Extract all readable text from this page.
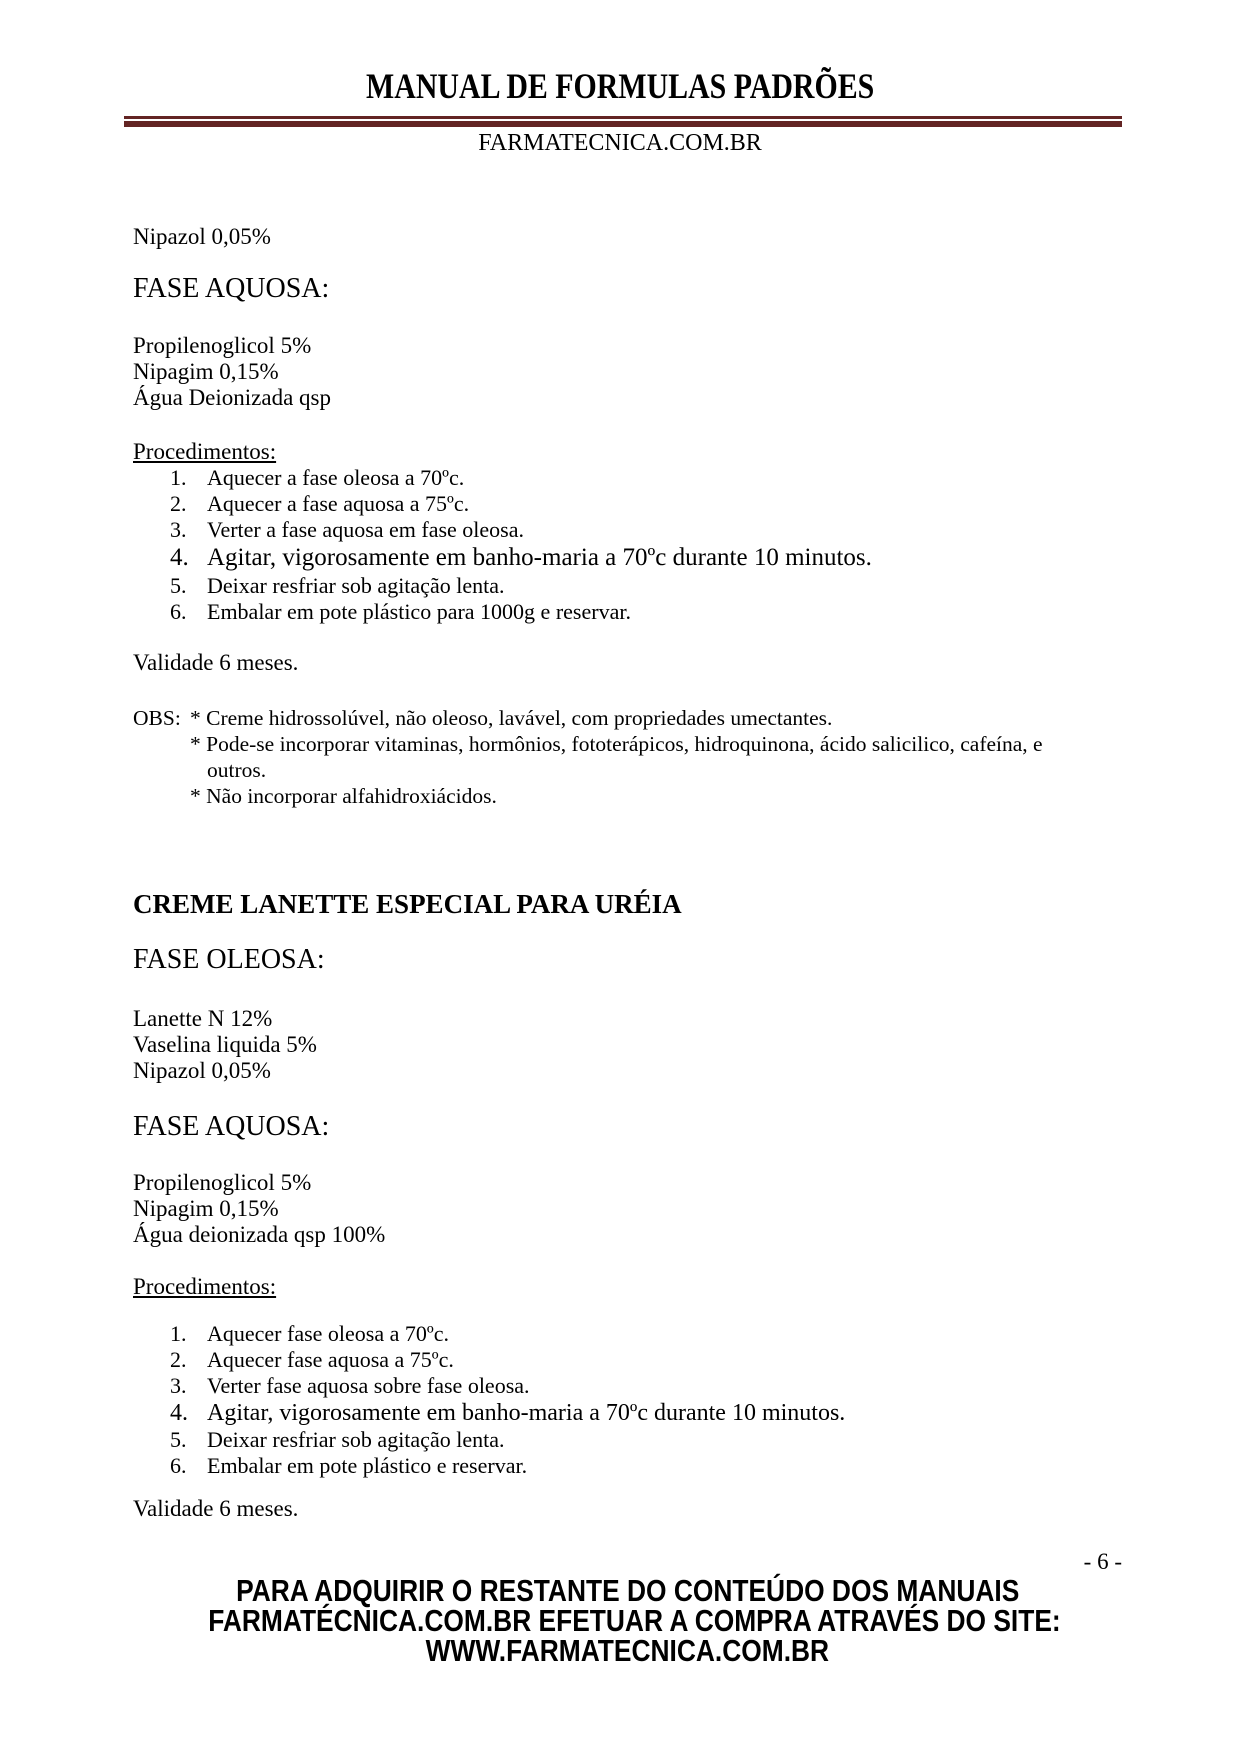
MANUAL DE FORMULAS PADRÕES
FARMATECNICA.COM.BR
Nipazol 0,05%
FASE AQUOSA:
Propilenoglicol 5%
Nipagim 0,15%
Água Deionizada qsp
Procedimentos:
1. Aquecer a fase oleosa a 70ºc.
2. Aquecer a fase aquosa a 75ºc.
3. Verter a fase aquosa em fase oleosa.
4. Agitar, vigorosamente em banho-maria a 70ºc durante 10 minutos.
5. Deixar resfriar sob agitação lenta.
6. Embalar em pote plástico para 1000g e reservar.
Validade 6 meses.
OBS: * Creme hidrossolúvel, não oleoso, lavável, com propriedades umectantes.
* Pode-se incorporar vitaminas, hormônios, fototerápicos, hidroquinona, ácido salicilico, cafeína, e
outros.
* Não incorporar alfahidroxiácidos.
CREME LANETTE ESPECIAL PARA URÉIA
FASE OLEOSA:
Lanette N 12%
Vaselina liquida 5%
Nipazol 0,05%
FASE AQUOSA:
Propilenoglicol 5%
Nipagim 0,15%
Água deionizada qsp 100%
Procedimentos:
1. Aquecer fase oleosa a 70ºc.
2. Aquecer fase aquosa a 75ºc.
3. Verter fase aquosa sobre fase oleosa.
4. Agitar, vigorosamente em banho-maria a 70ºc durante 10 minutos.
5. Deixar resfriar sob agitação lenta.
6. Embalar em pote plástico e reservar.
Validade 6 meses.
- 6 -
PARA ADQUIRIR O RESTANTE DO CONTEÚDO DOS MANUAIS
FARMATÉCNICA.COM.BR EFETUAR A COMPRA ATRAVÉS DO SITE:
WWW.FARMATECNICA.COM.BR
